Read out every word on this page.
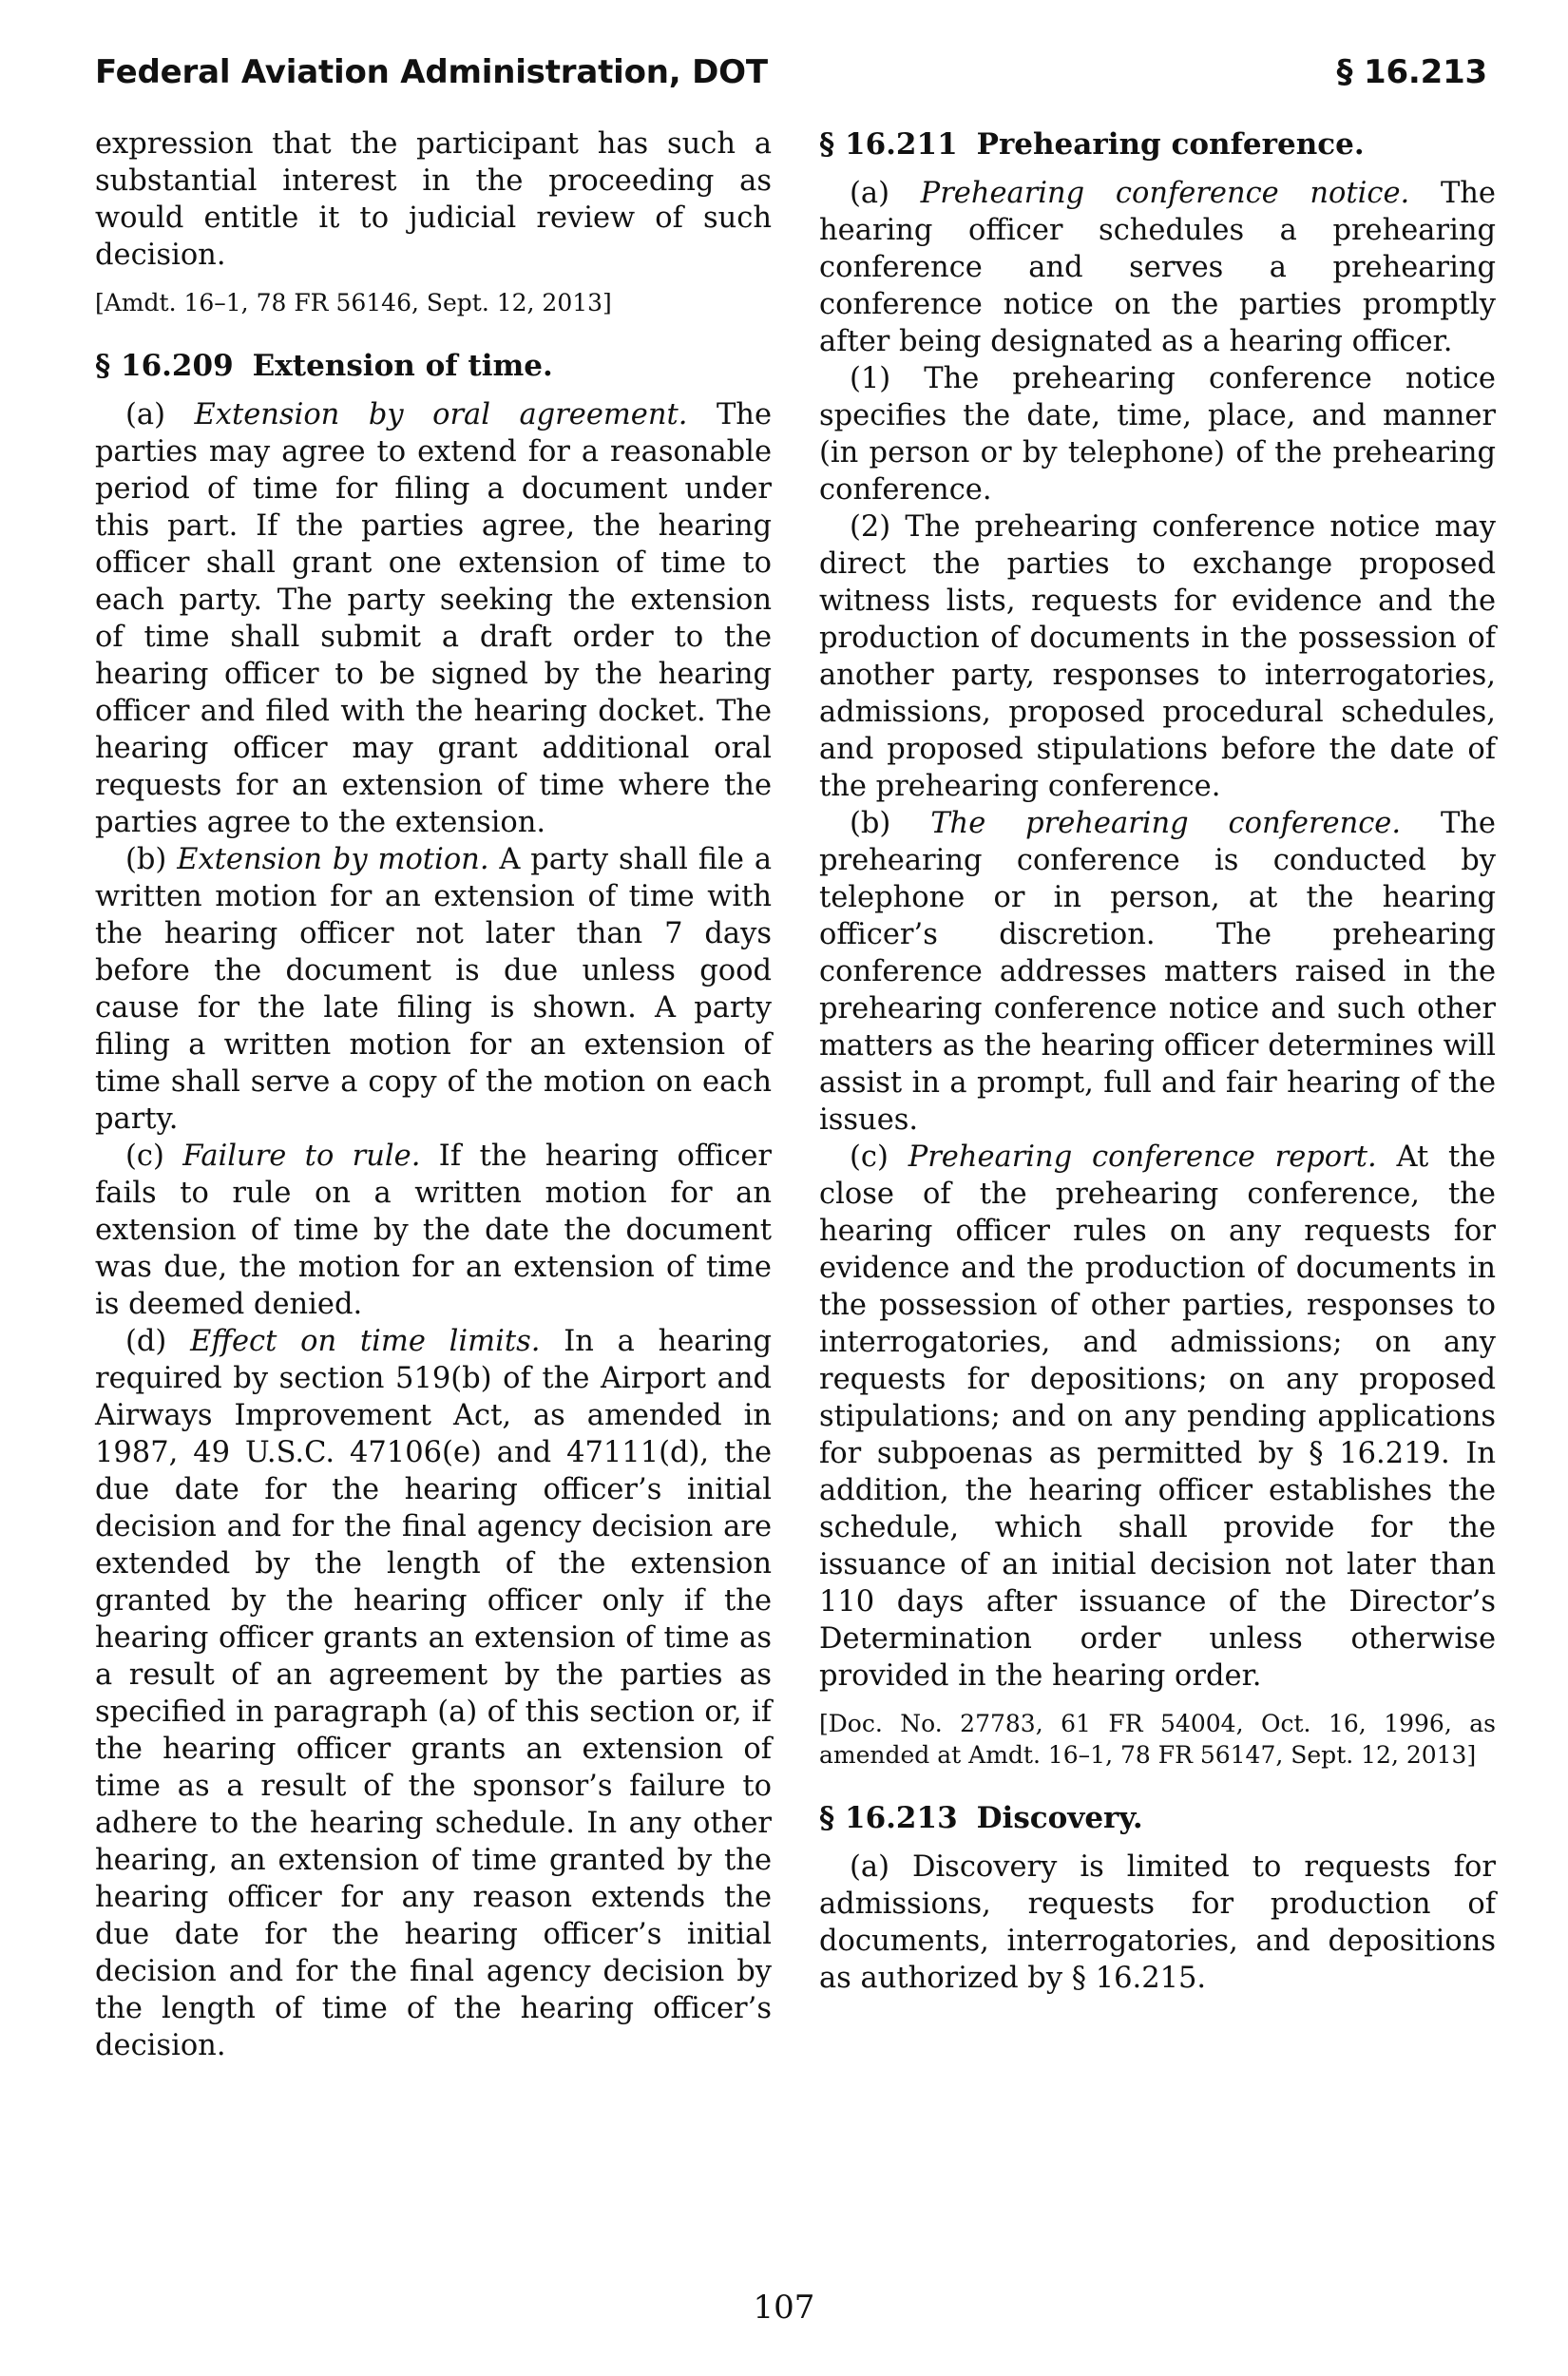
Federal Aviation Administration, DOT	§ 16.213

expression that the participant has such a substantial interest in the proceeding as would entitle it to judicial review of such decision.

[Amdt. 16–1, 78 FR 56146, Sept. 12, 2013]

§ 16.209 Extension of time.

(a) Extension by oral agreement. The parties may agree to extend for a reasonable period of time for filing a document under this part. If the parties agree, the hearing officer shall grant one extension of time to each party. The party seeking the extension of time shall submit a draft order to the hearing officer to be signed by the hearing officer and filed with the hearing docket. The hearing officer may grant additional oral requests for an extension of time where the parties agree to the extension.

(b) Extension by motion. A party shall file a written motion for an extension of time with the hearing officer not later than 7 days before the document is due unless good cause for the late filing is shown. A party filing a written motion for an extension of time shall serve a copy of the motion on each party.

(c) Failure to rule. If the hearing officer fails to rule on a written motion for an extension of time by the date the document was due, the motion for an extension of time is deemed denied.

(d) Effect on time limits. In a hearing required by section 519(b) of the Airport and Airways Improvement Act, as amended in 1987, 49 U.S.C. 47106(e) and 47111(d), the due date for the hearing officer’s initial decision and for the final agency decision are extended by the length of the extension granted by the hearing officer only if the hearing officer grants an extension of time as a result of an agreement by the parties as specified in paragraph (a) of this section or, if the hearing officer grants an extension of time as a result of the sponsor’s failure to adhere to the hearing schedule. In any other hearing, an extension of time granted by the hearing officer for any reason extends the due date for the hearing officer’s initial decision and for the final agency decision by the length of time of the hearing officer’s decision.

§ 16.211 Prehearing conference.

(a) Prehearing conference notice. The hearing officer schedules a prehearing conference and serves a prehearing conference notice on the parties promptly after being designated as a hearing officer.

(1) The prehearing conference notice specifies the date, time, place, and manner (in person or by telephone) of the prehearing conference.

(2) The prehearing conference notice may direct the parties to exchange proposed witness lists, requests for evidence and the production of documents in the possession of another party, responses to interrogatories, admissions, proposed procedural schedules, and proposed stipulations before the date of the prehearing conference.

(b) The prehearing conference. The prehearing conference is conducted by telephone or in person, at the hearing officer’s discretion. The prehearing conference addresses matters raised in the prehearing conference notice and such other matters as the hearing officer determines will assist in a prompt, full and fair hearing of the issues.

(c) Prehearing conference report. At the close of the prehearing conference, the hearing officer rules on any requests for evidence and the production of documents in the possession of other parties, responses to interrogatories, and admissions; on any requests for depositions; on any proposed stipulations; and on any pending applications for subpoenas as permitted by § 16.219. In addition, the hearing officer establishes the schedule, which shall provide for the issuance of an initial decision not later than 110 days after issuance of the Director’s Determination order unless otherwise provided in the hearing order.

[Doc. No. 27783, 61 FR 54004, Oct. 16, 1996, as amended at Amdt. 16–1, 78 FR 56147, Sept. 12, 2013]

§ 16.213 Discovery.

(a) Discovery is limited to requests for admissions, requests for production of documents, interrogatories, and depositions as authorized by § 16.215.

107
